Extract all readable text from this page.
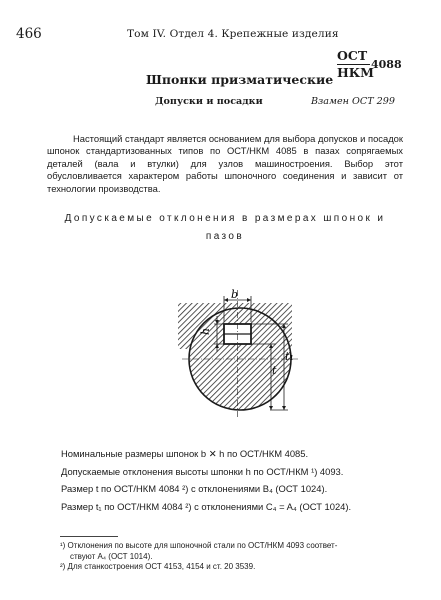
466	Том IV. Отдел 4. Крепежные изделия
ОСТ
НКМ
4088
Шпонки призматические
Допуски и посадки	Взамен ОСТ 299

Настоящий стандарт является основанием для выбора допусков и посадок шпонок стандартизованных типов по ОСТ/НКМ 4085 в пазах сопрягаемых деталей (вала и втулки) для узлов машиностроения. Выбор этот обусловливается характером работы шпоночного соединения и зависит от технологии производства.

Допускаемые отклонения в размерах шпонок и пазов
b
h
t
t₁
Номинальные размеры шпонок b ✕ h по ОСТ/НКМ 4085.
Допускаемые отклонения высоты шпонки h по ОСТ/НКМ ¹) 4093.
Размер t по ОСТ/НКМ 4084 ²) с отклонениями B₄ (ОСТ 1024).
Размер t₁ по ОСТ/НКМ 4084 ²) с отклонениями C₄ = A₄ (ОСТ 1024).

¹) Отклонения по высоте для шпоночной стали по ОСТ/НКМ 4093 соответ-

ствуют A₄ (ОСТ 1014).

²) Для станкостроения ОСТ 4153, 4154 и ст. 20 3539.
